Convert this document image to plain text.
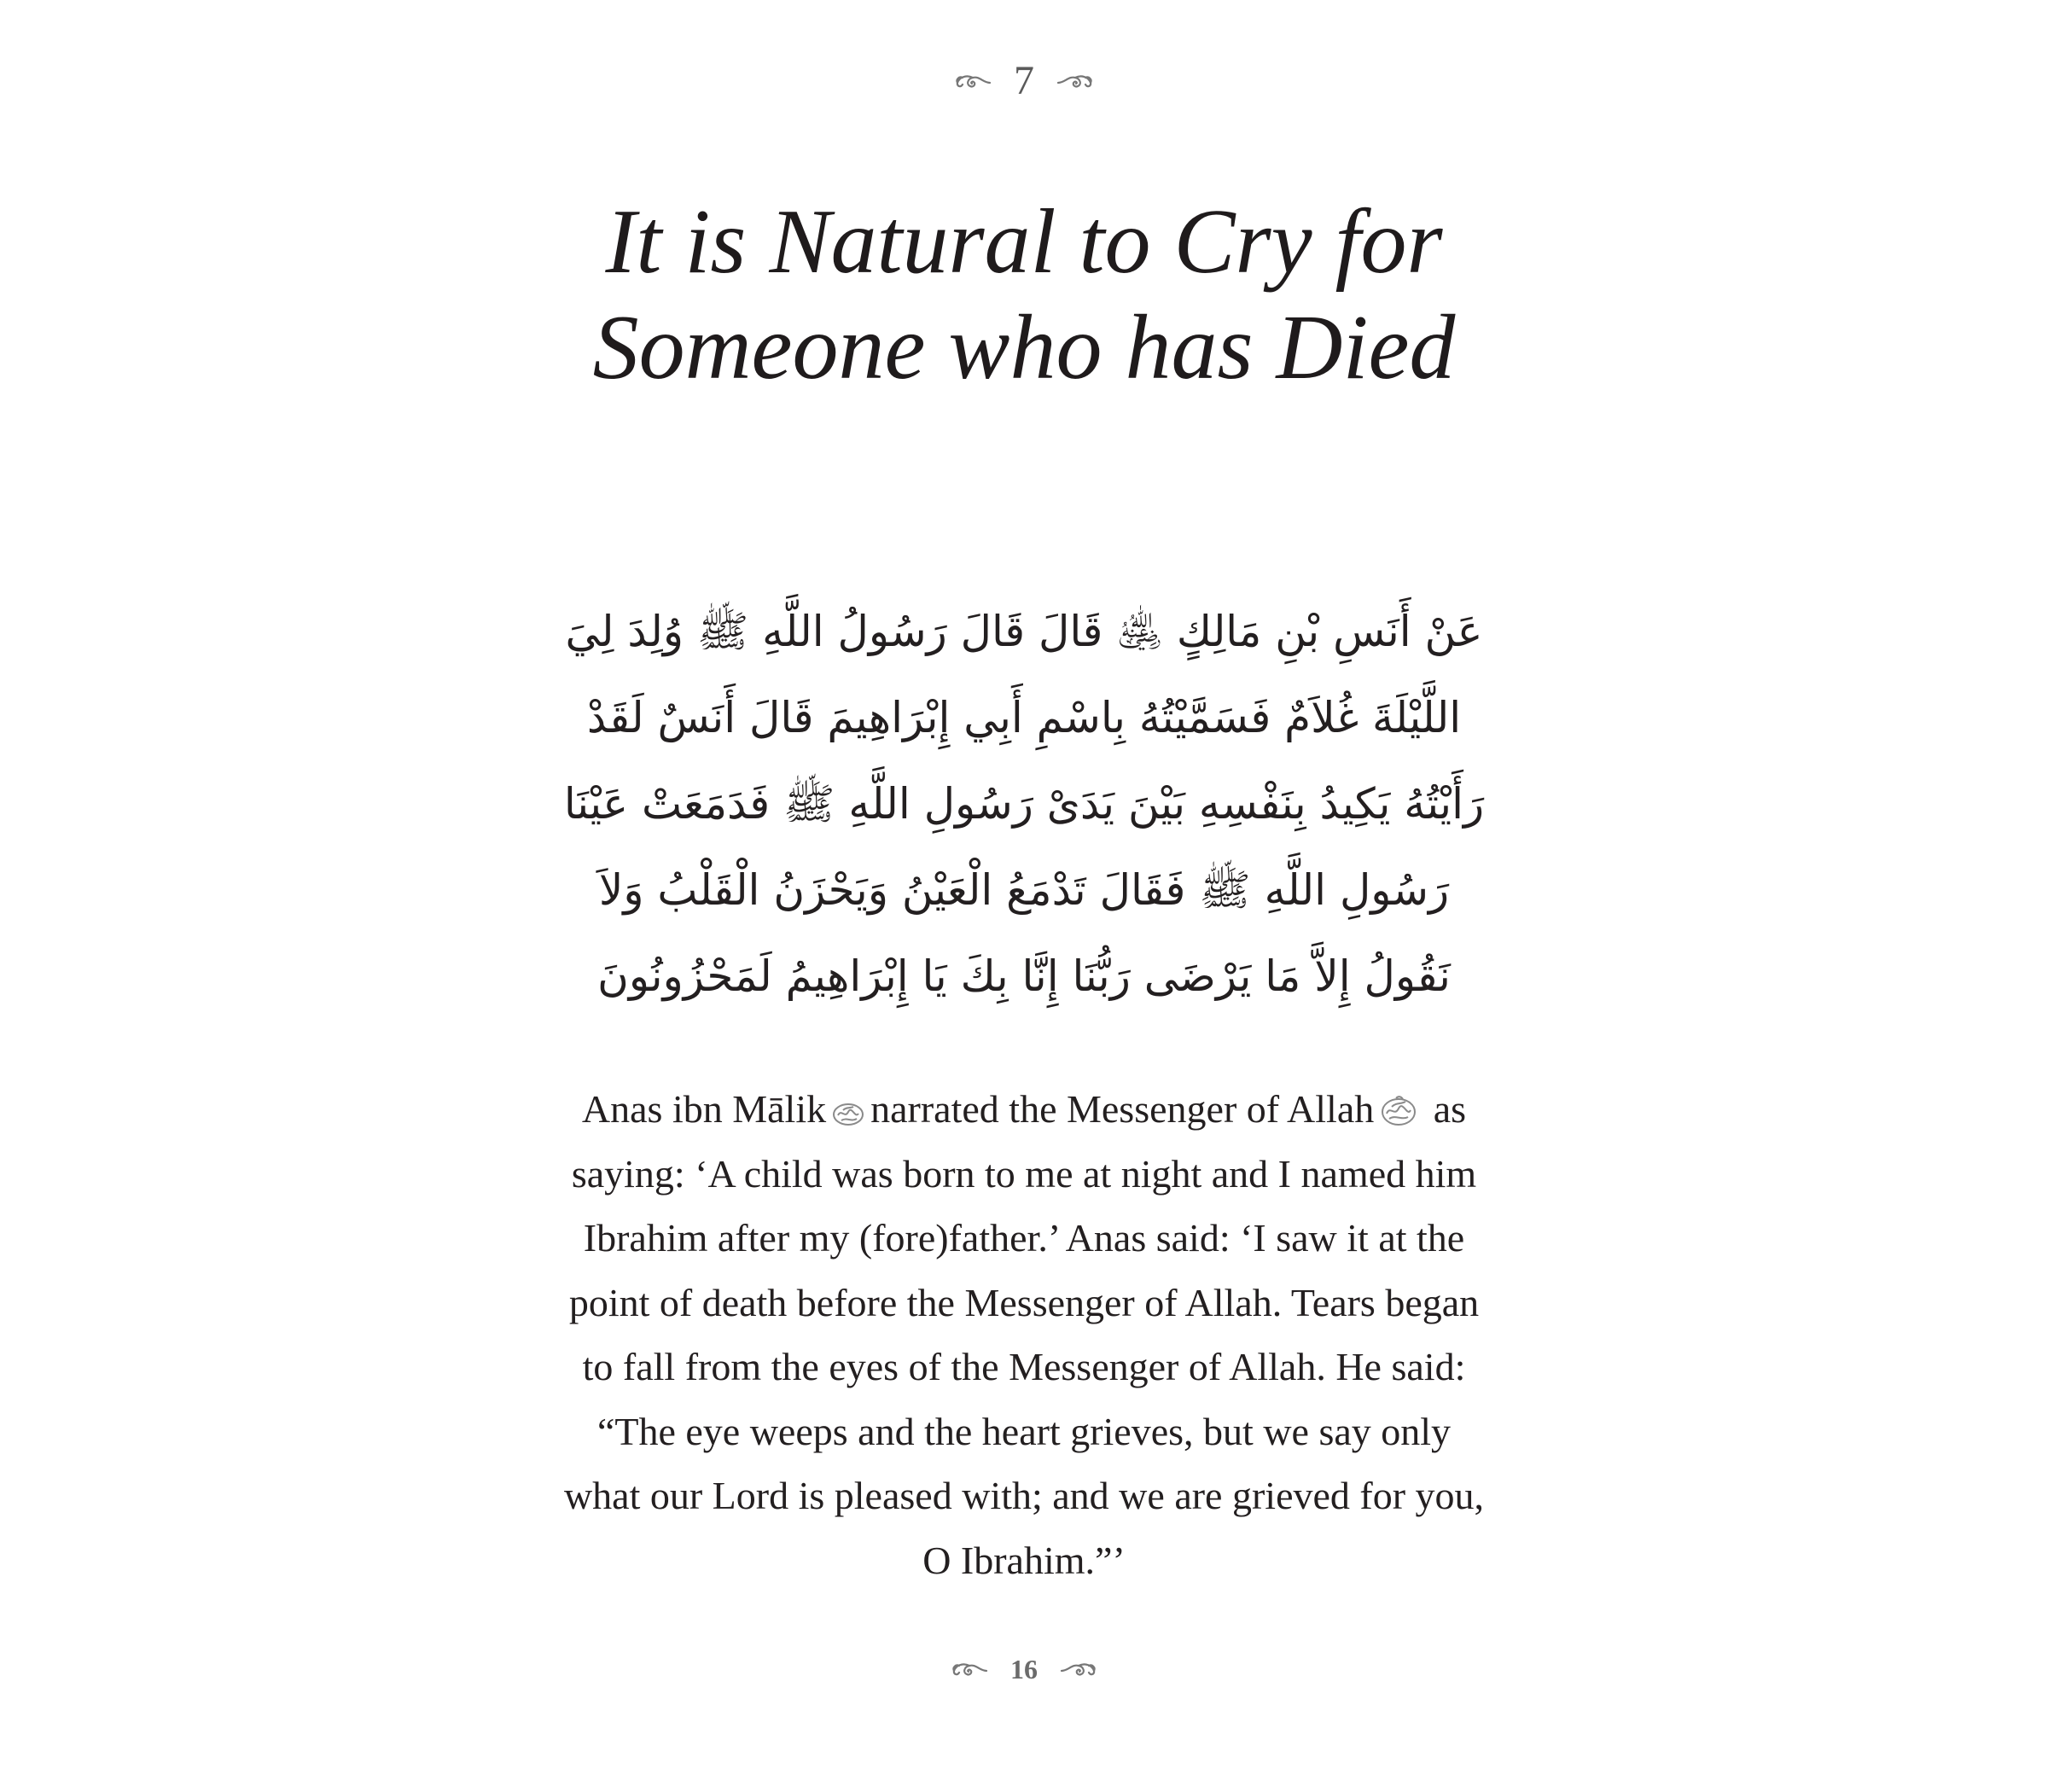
7
It is Natural to Cry for
Someone who has Died

عَنْ أَنَسِ بْنِ مَالِكٍ ﵁ قَالَ قَالَ رَسُولُ اللَّهِ ﷺ وُلِدَ لِيَ اللَّيْلَةَ غُلاَمٌ فَسَمَّيْتُهُ بِاسْمِ أَبِي إِبْرَاهِيمَ قَالَ أَنَسٌ لَقَدْ رَأَيْتُهُ يَكِيدُ بِنَفْسِهِ بَيْنَ يَدَىْ رَسُولِ اللَّهِ ﷺ فَدَمَعَتْ عَيْنَا رَسُولِ اللَّهِ ﷺ فَقَالَ تَدْمَعُ الْعَيْنُ وَيَحْزَنُ الْقَلْبُ وَلاَ نَقُولُ إِلاَّ مَا يَرْضَى رَبُّنَا إِنَّا بِكَ يَا إِبْرَاهِيمُ لَمَحْزُونُونَ

Anas ibn Mālik narrated the Messenger of Allah as saying: ‘A child was born to me at night and I named him Ibrahim after my (fore)father.’ Anas said: ‘I saw it at the point of death before the Messenger of Allah. Tears began to fall from the eyes of the Messenger of Allah. He said: “The eye weeps and the heart grieves, but we say only what our Lord is pleased with; and we are grieved for you, O Ibrahim.”’

16
